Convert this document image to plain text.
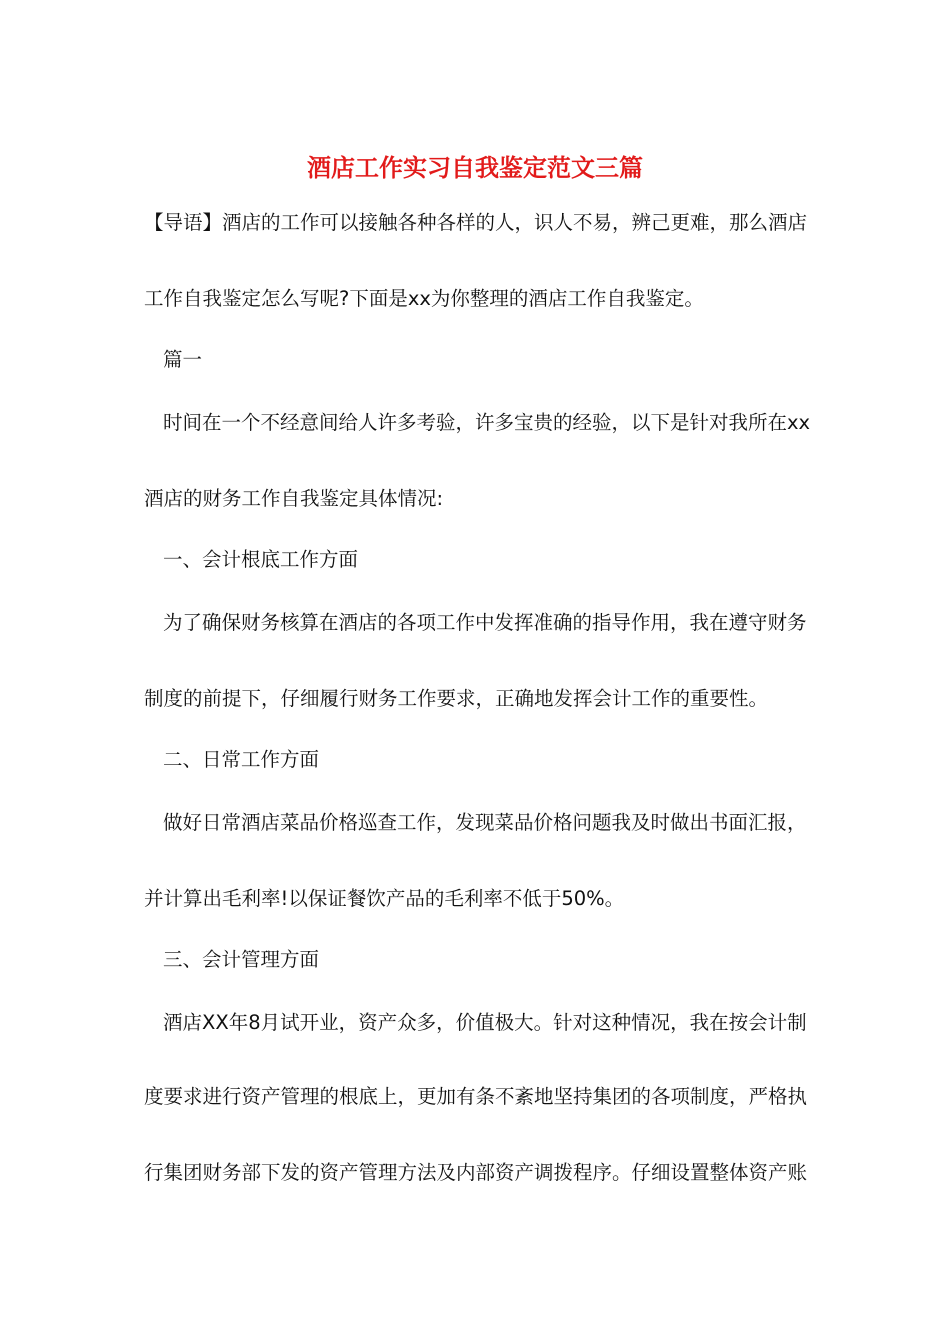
酒店工作实习自我鉴定范文三篇
【导语】酒店的工作可以接触各种各样的人，识人不易，辨己更难，那么酒店
工作自我鉴定怎么写呢?下面是xx为你整理的酒店工作自我鉴定。
篇一
时间在一个不经意间给人许多考验，许多宝贵的经验，以下是针对我所在xx
酒店的财务工作自我鉴定具体情况:
一、会计根底工作方面
为了确保财务核算在酒店的各项工作中发挥准确的指导作用，我在遵守财务
制度的前提下，仔细履行财务工作要求，正确地发挥会计工作的重要性。
二、日常工作方面
做好日常酒店菜品价格巡查工作，发现菜品价格问题我及时做出书面汇报，
并计算出毛利率!以保证餐饮产品的毛利率不低于50%。
三、会计管理方面
酒店XX年8月试开业，资产众多，价值极大。针对这种情况，我在按会计制
度要求进行资产管理的根底上，更加有条不紊地坚持集团的各项制度，严格执
行集团财务部下发的资产管理方法及内部资产调拨程序。仔细设置整体资产账
